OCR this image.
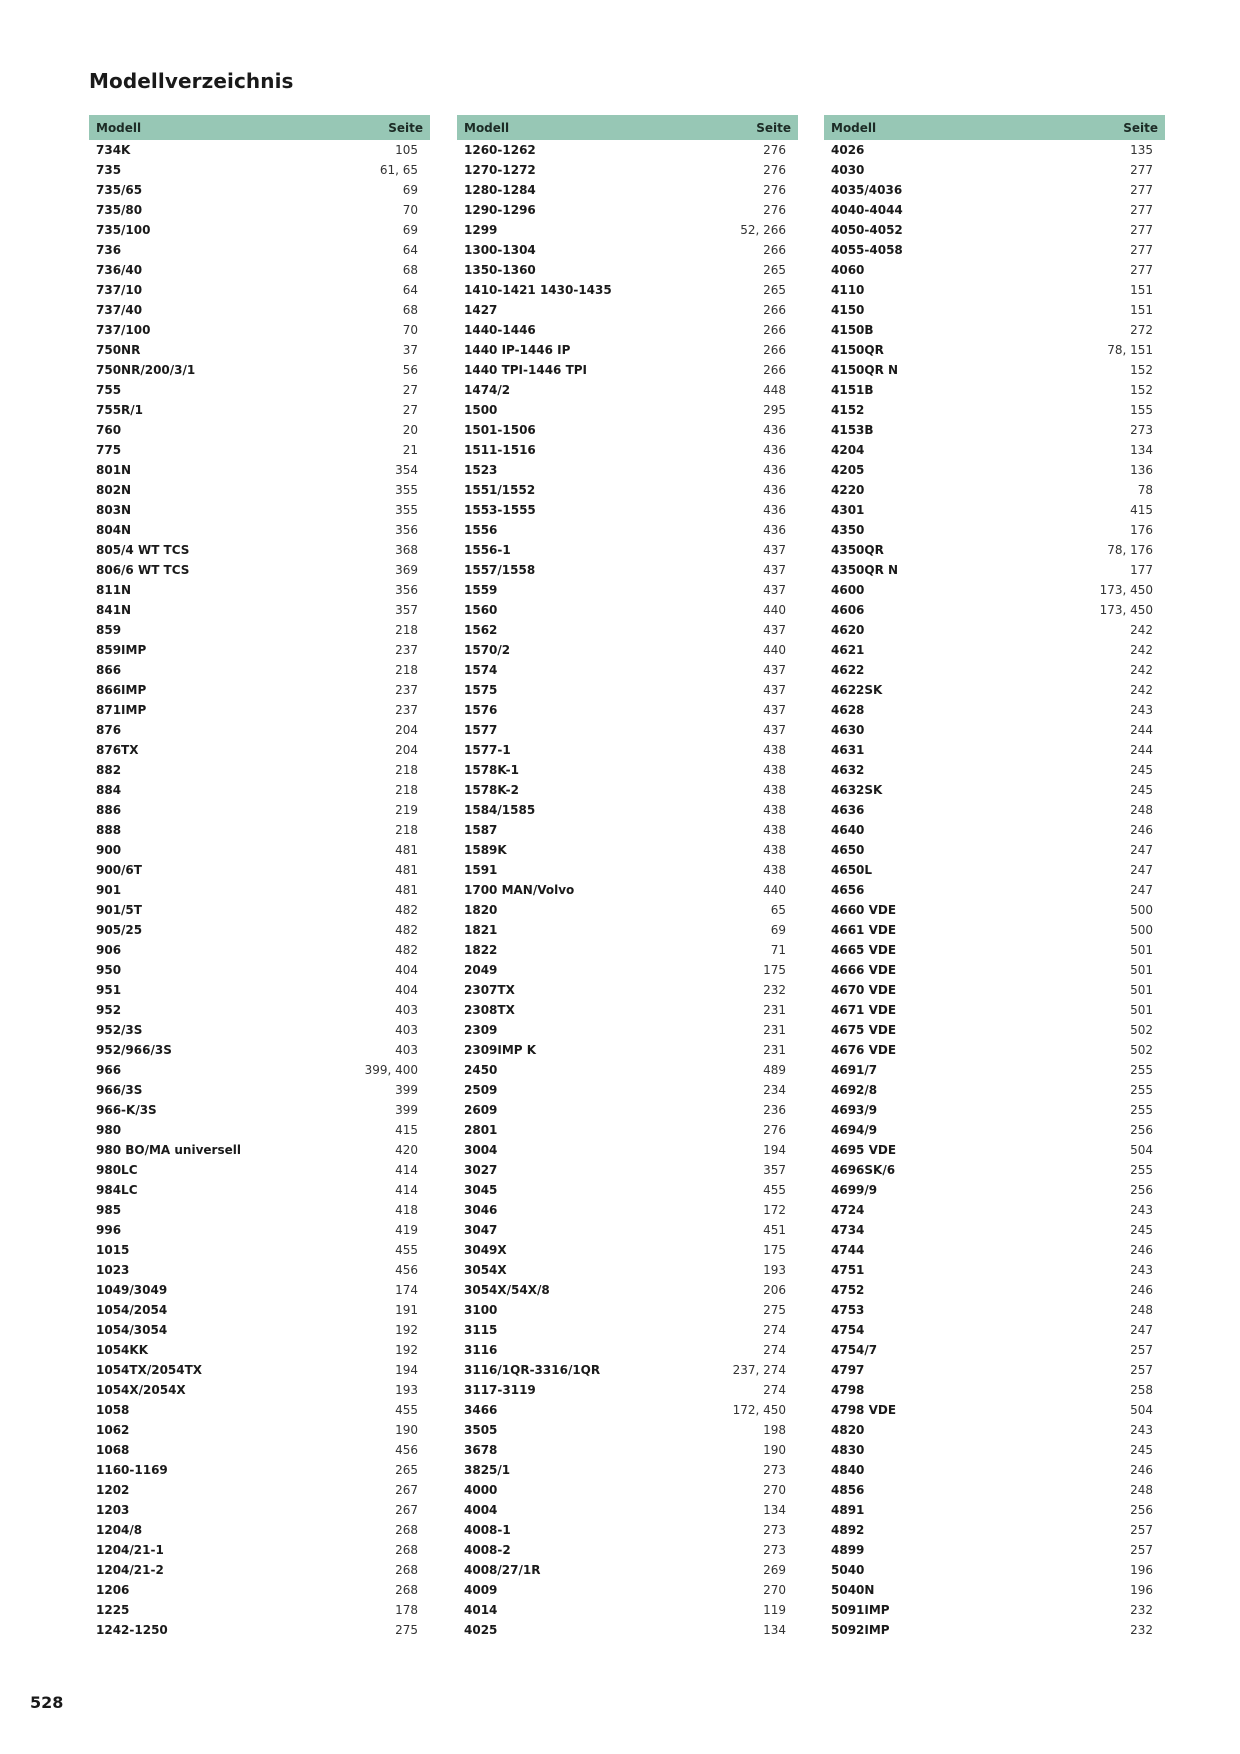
Modellverzeichnis
Modell	Seite
734K	105
735	61, 65
735/65	69
735/80	70
735/100	69
736	64
736/40	68
737/10	64
737/40	68
737/100	70
750NR	37
750NR/200/3/1	56
755	27
755R/1	27
760	20
775	21
801N	354
802N	355
803N	355
804N	356
805/4 WT TCS	368
806/6 WT TCS	369
811N	356
841N	357
859	218
859IMP	237
866	218
866IMP	237
871IMP	237
876	204
876TX	204
882	218
884	218
886	219
888	218
900	481
900/6T	481
901	481
901/5T	482
905/25	482
906	482
950	404
951	404
952	403
952/3S	403
952/966/3S	403
966	399, 400
966/3S	399
966-K/3S	399
980	415
980 BO/MA universell	420
980LC	414
984LC	414
985	418
996	419
1015	455
1023	456
1049/3049	174
1054/2054	191
1054/3054	192
1054KK	192
1054TX/2054TX	194
1054X/2054X	193
1058	455
1062	190
1068	456
1160-1169	265
1202	267
1203	267
1204/8	268
1204/21-1	268
1204/21-2	268
1206	268
1225	178
1242-1250	275
Modell	Seite
1260-1262	276
1270-1272	276
1280-1284	276
1290-1296	276
1299	52, 266
1300-1304	266
1350-1360	265
1410-1421 1430-1435	265
1427	266
1440-1446	266
1440 IP-1446 IP	266
1440 TPI-1446 TPI	266
1474/2	448
1500	295
1501-1506	436
1511-1516	436
1523	436
1551/1552	436
1553-1555	436
1556	436
1556-1	437
1557/1558	437
1559	437
1560	440
1562	437
1570/2	440
1574	437
1575	437
1576	437
1577	437
1577-1	438
1578K-1	438
1578K-2	438
1584/1585	438
1587	438
1589K	438
1591	438
1700 MAN/Volvo	440
1820	65
1821	69
1822	71
2049	175
2307TX	232
2308TX	231
2309	231
2309IMP K	231
2450	489
2509	234
2609	236
2801	276
3004	194
3027	357
3045	455
3046	172
3047	451
3049X	175
3054X	193
3054X/54X/8	206
3100	275
3115	274
3116	274
3116/1QR-3316/1QR	237, 274
3117-3119	274
3466	172, 450
3505	198
3678	190
3825/1	273
4000	270
4004	134
4008-1	273
4008-2	273
4008/27/1R	269
4009	270
4014	119
4025	134
Modell	Seite
4026	135
4030	277
4035/4036	277
4040-4044	277
4050-4052	277
4055-4058	277
4060	277
4110	151
4150	151
4150B	272
4150QR	78, 151
4150QR N	152
4151B	152
4152	155
4153B	273
4204	134
4205	136
4220	78
4301	415
4350	176
4350QR	78, 176
4350QR N	177
4600	173, 450
4606	173, 450
4620	242
4621	242
4622	242
4622SK	242
4628	243
4630	244
4631	244
4632	245
4632SK	245
4636	248
4640	246
4650	247
4650L	247
4656	247
4660 VDE	500
4661 VDE	500
4665 VDE	501
4666 VDE	501
4670 VDE	501
4671 VDE	501
4675 VDE	502
4676 VDE	502
4691/7	255
4692/8	255
4693/9	255
4694/9	256
4695 VDE	504
4696SK/6	255
4699/9	256
4724	243
4734	245
4744	246
4751	243
4752	246
4753	248
4754	247
4754/7	257
4797	257
4798	258
4798 VDE	504
4820	243
4830	245
4840	246
4856	248
4891	256
4892	257
4899	257
5040	196
5040N	196
5091IMP	232
5092IMP	232
528
